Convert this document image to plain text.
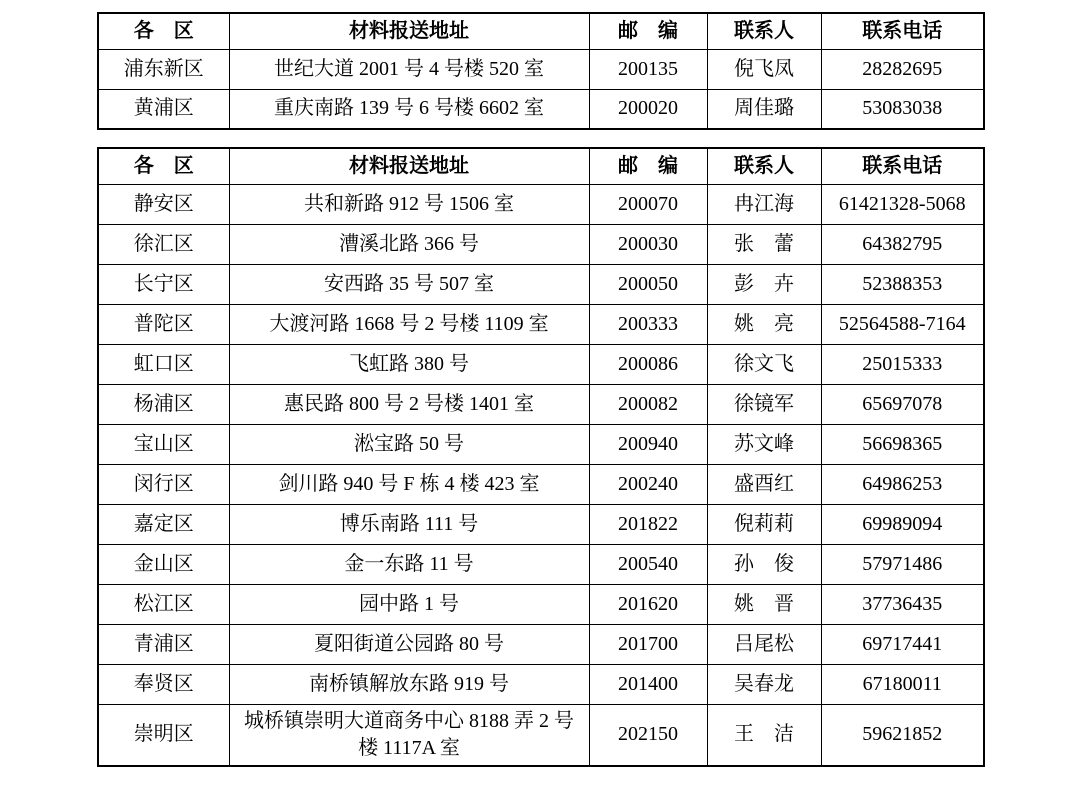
各　区	材料报送地址	邮　编	联系人	联系电话
浦东新区	世纪大道 2001 号 4 号楼 520 室	200135	倪飞凤	28282695
黄浦区	重庆南路 139 号 6 号楼 6602 室	200020	周佳璐	53083038
各　区	材料报送地址	邮　编	联系人	联系电话
静安区	共和新路 912 号 1506 室	200070	冉江海	61421328-5068
徐汇区	漕溪北路 366 号	200030	张　蕾	64382795
长宁区	安西路 35 号 507 室	200050	彭　卉	52388353
普陀区	大渡河路 1668 号 2 号楼 1109 室	200333	姚　亮	52564588-7164
虹口区	飞虹路 380 号	200086	徐文飞	25015333
杨浦区	惠民路 800 号 2 号楼 1401 室	200082	徐镜军	65697078
宝山区	淞宝路 50 号	200940	苏文峰	56698365
闵行区	剑川路 940 号 F 栋 4 楼 423 室	200240	盛酉红	64986253
嘉定区	博乐南路 111 号	201822	倪莉莉	69989094
金山区	金一东路 11 号	200540	孙　俊	57971486
松江区	园中路 1 号	201620	姚　晋	37736435
青浦区	夏阳街道公园路 80 号	201700	吕尾松	69717441
奉贤区	南桥镇解放东路 919 号	201400	吴春龙	67180011
崇明区	城桥镇崇明大道商务中心 8188 弄 2 号楼 1117A 室	202150	王　洁	59621852
